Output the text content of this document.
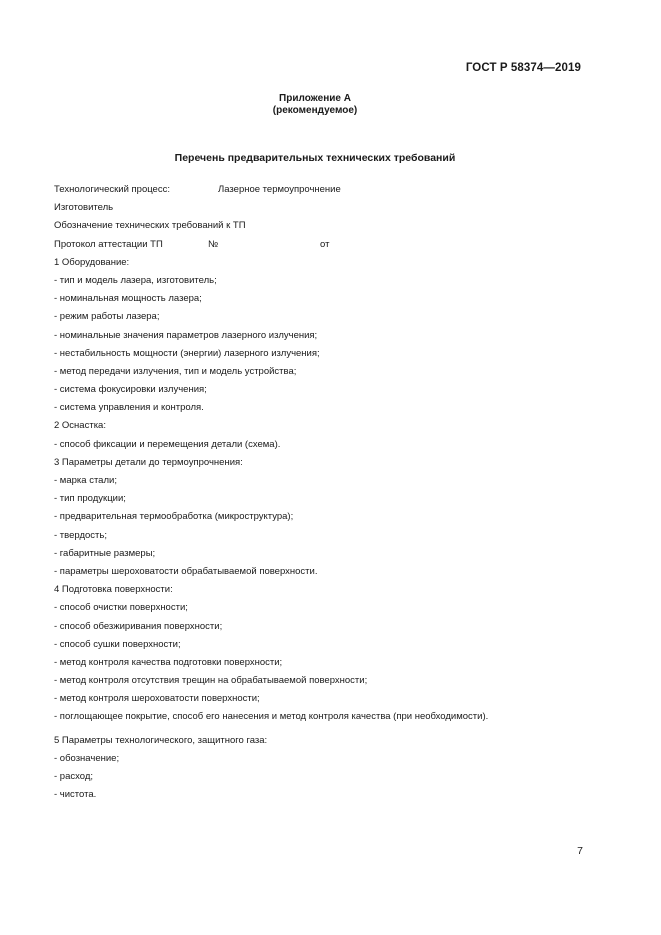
ГОСТ Р 58374—2019
Приложение А
(рекомендуемое)
Перечень предварительных технических требований
Технологический процесс:	Лазерное термоупрочнение
Изготовитель
Обозначение технических требований к ТП
Протокол аттестации ТП	№	от
1 Оборудование:
- тип и модель лазера, изготовитель;
- номинальная мощность лазера;
- режим работы лазера;
- номинальные значения параметров лазерного излучения;
- нестабильность мощности (энергии) лазерного излучения;
- метод передачи излучения, тип и модель устройства;
- система фокусировки излучения;
- система управления и контроля.
2 Оснастка:
- способ фиксации и перемещения детали (схема).
3 Параметры детали до термоупрочнения:
- марка стали;
- тип продукции;
- предварительная термообработка (микроструктура);
- твердость;
- габаритные размеры;
- параметры шероховатости обрабатываемой поверхности.
4 Подготовка поверхности:
- способ очистки поверхности;
- способ обезжиривания поверхности;
- способ сушки поверхности;
- метод контроля качества подготовки поверхности;
- метод контроля отсутствия трещин на обрабатываемой поверхности;
- метод контроля шероховатости поверхности;
- поглощающее покрытие, способ его нанесения и метод контроля качества (при необходимости).
5 Параметры технологического, защитного газа:
- обозначение;
- расход;
- чистота.
7
